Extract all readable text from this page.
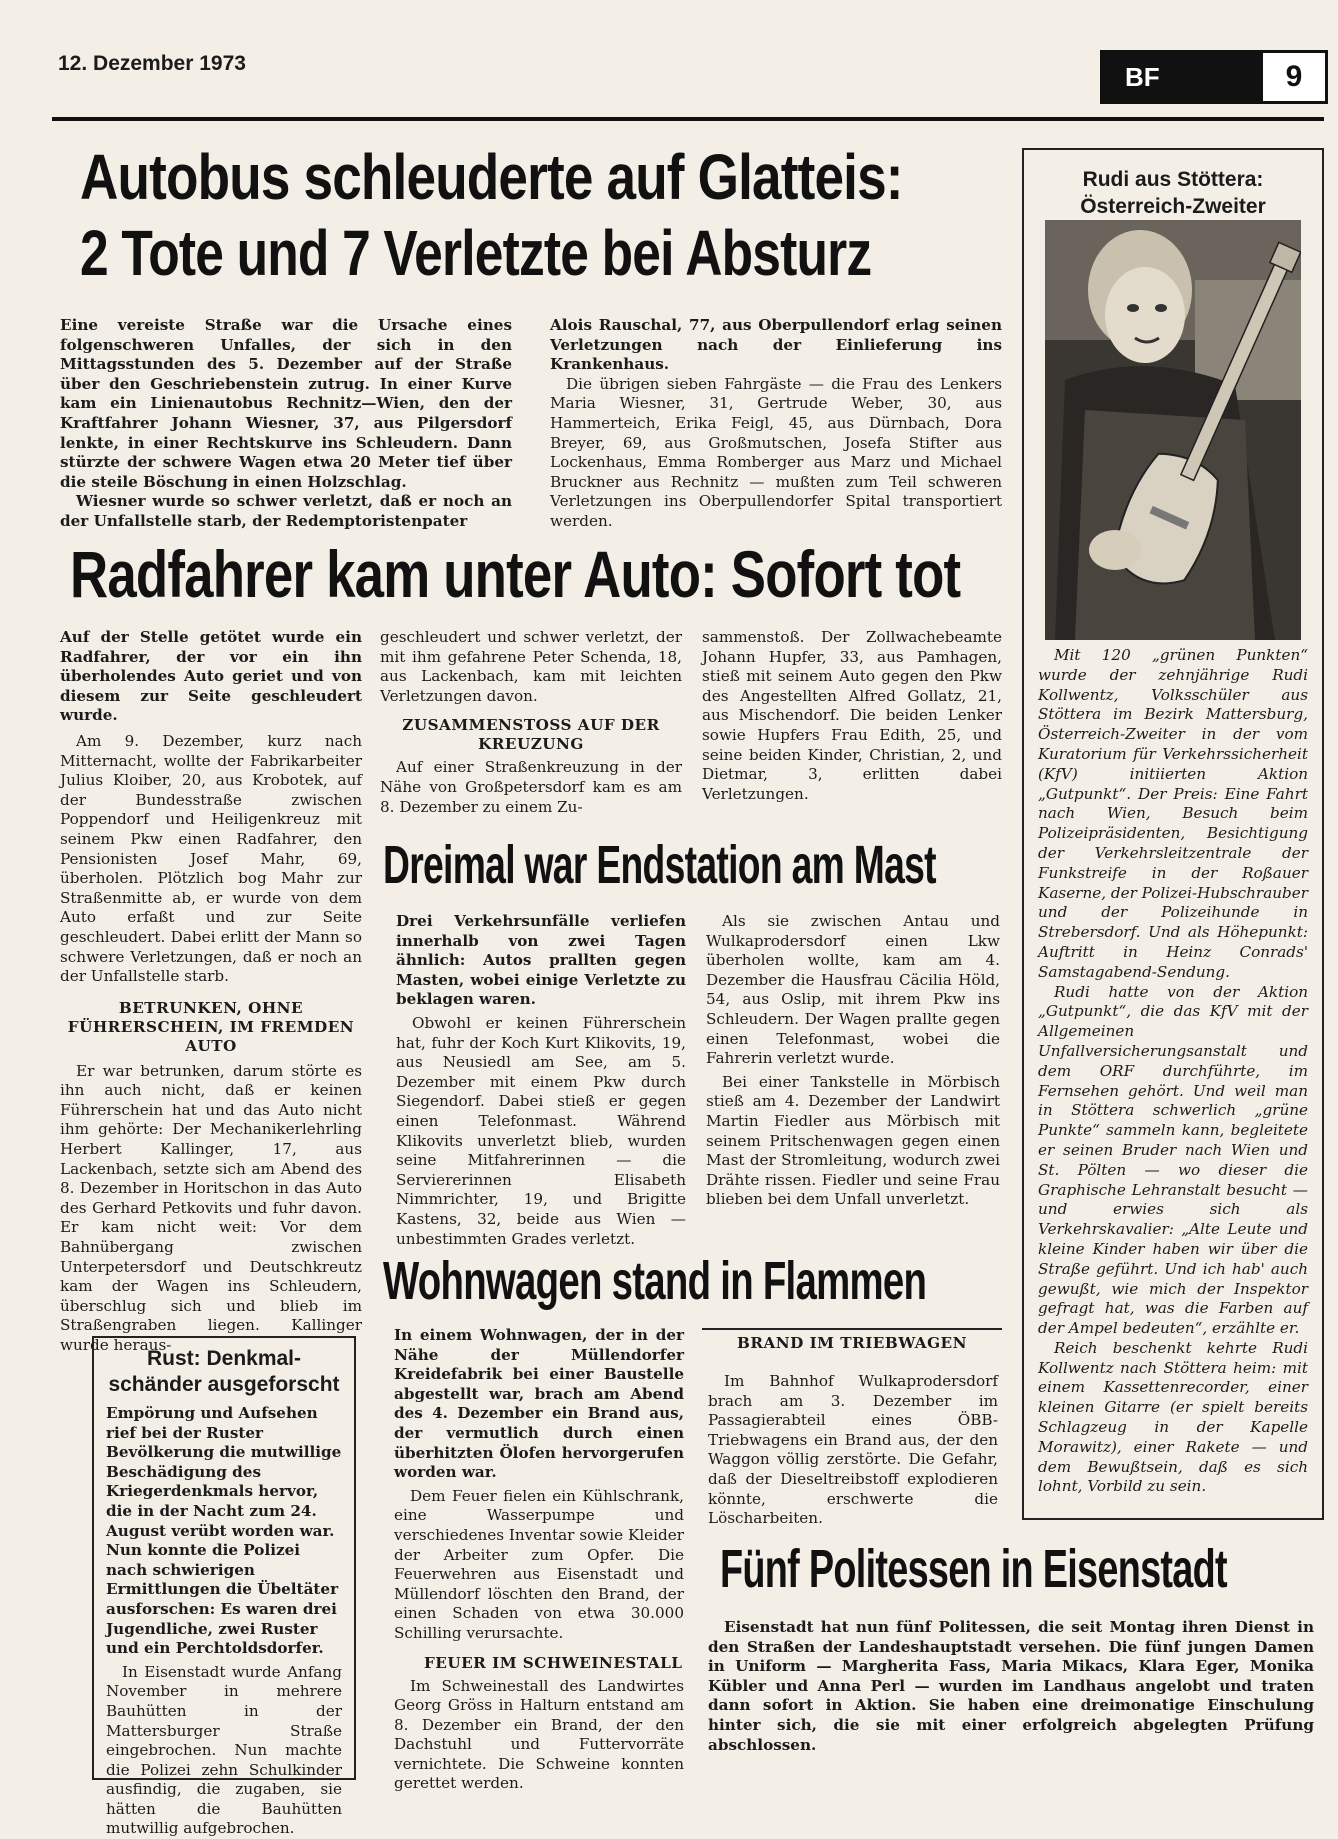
12. Dezember 1973	BF	9
Autobus schleuderte auf Glatteis:
2 Tote und 7 Verletzte bei Absturz
Eine vereiste Straße war die Ursache eines folgenschweren Unfalles, der sich in den Mittagsstunden des 5. Dezember auf der Straße über den Geschriebenstein zutrug. In einer Kurve kam ein Linienautobus Rechnitz—Wien, den der Kraftfahrer Johann Wiesner, 37, aus Pilgersdorf lenkte, in einer Rechtskurve ins Schleudern. Dann stürzte der schwere Wagen etwa 20 Meter tief über die steile Böschung in einen Holzschlag.
Wiesner wurde so schwer verletzt, daß er noch an der Unfallstelle starb, der Redemptoristenpater
Alois Rauschal, 77, aus Oberpullendorf erlag seinen Verletzungen nach der Einlieferung ins Krankenhaus.
Die übrigen sieben Fahrgäste — die Frau des Lenkers Maria Wiesner, 31, Gertrude Weber, 30, aus Hammerteich, Erika Feigl, 45, aus Dürnbach, Dora Breyer, 69, aus Großmutschen, Josefa Stifter aus Lockenhaus, Emma Romberger aus Marz und Michael Bruckner aus Rechnitz — mußten zum Teil schweren Verletzungen ins Oberpullendorfer Spital transportiert werden.
Radfahrer kam unter Auto: Sofort tot
Auf der Stelle getötet wurde ein Radfahrer, der vor ein ihn überholendes Auto geriet und von diesem zur Seite geschleudert wurde.
Am 9. Dezember, kurz nach Mitternacht, wollte der Fabrikarbeiter Julius Kloiber, 20, aus Krobotek, auf der Bundesstraße zwischen Poppendorf und Heiligenkreuz mit seinem Pkw einen Radfahrer, den Pensionisten Josef Mahr, 69, überholen. Plötzlich bog Mahr zur Straßenmitte ab, er wurde von dem Auto erfaßt und zur Seite geschleudert. Dabei erlitt der Mann so schwere Verletzungen, daß er noch an der Unfallstelle starb.
BETRUNKEN, OHNE FÜHRERSCHEIN, IM FREMDEN AUTO
Er war betrunken, darum störte es ihn auch nicht, daß er keinen Führerschein hat und das Auto nicht ihm gehörte: Der Mechanikerlehrling Herbert Kallinger, 17, aus Lackenbach, setzte sich am Abend des 8. Dezember in Horitschon in das Auto des Gerhard Petkovits und fuhr davon. Er kam nicht weit: Vor dem Bahnübergang zwischen Unterpetersdorf und Deutschkreutz kam der Wagen ins Schleudern, überschlug sich und blieb im Straßengraben liegen. Kallinger wurde heraus-
geschleudert und schwer verletzt, der mit ihm gefahrene Peter Schenda, 18, aus Lackenbach, kam mit leichten Verletzungen davon.
ZUSAMMENSTOSS AUF DER KREUZUNG
Auf einer Straßenkreuzung in der Nähe von Großpetersdorf kam es am 8. Dezember zu einem Zu-
sammenstoß. Der Zollwachebeamte Johann Hupfer, 33, aus Pamhagen, stieß mit seinem Auto gegen den Pkw des Angestellten Alfred Gollatz, 21, aus Mischendorf. Die beiden Lenker sowie Hupfers Frau Edith, 25, und seine beiden Kinder, Christian, 2, und Dietmar, 3, erlitten dabei Verletzungen.
Dreimal war Endstation am Mast
Drei Verkehrsunfälle verliefen innerhalb von zwei Tagen ähnlich: Autos prallten gegen Masten, wobei einige Verletzte zu beklagen waren.
Obwohl er keinen Führerschein hat, fuhr der Koch Kurt Klikovits, 19, aus Neusiedl am See, am 5. Dezember mit einem Pkw durch Siegendorf. Dabei stieß er gegen einen Telefonmast. Während Klikovits unverletzt blieb, wurden seine Mitfahrerinnen — die Serviererinnen Elisabeth Nimmrichter, 19, und Brigitte Kastens, 32, beide aus Wien — unbestimmten Grades verletzt.
Als sie zwischen Antau und Wulkaprodersdorf einen Lkw überholen wollte, kam am 4. Dezember die Hausfrau Cäcilia Höld, 54, aus Oslip, mit ihrem Pkw ins Schleudern. Der Wagen prallte gegen einen Telefonmast, wobei die Fahrerin verletzt wurde.
Bei einer Tankstelle in Mörbisch stieß am 4. Dezember der Landwirt Martin Fiedler aus Mörbisch mit seinem Pritschenwagen gegen einen Mast der Stromleitung, wodurch zwei Drähte rissen. Fiedler und seine Frau blieben bei dem Unfall unverletzt.
Wohnwagen stand in Flammen
In einem Wohnwagen, der in der Nähe der Müllendorfer Kreidefabrik bei einer Baustelle abgestellt war, brach am Abend des 4. Dezember ein Brand aus, der vermutlich durch einen überhitzten Ölofen hervorgerufen worden war.
Dem Feuer fielen ein Kühlschrank, eine Wasserpumpe und verschiedenes Inventar sowie Kleider der Arbeiter zum Opfer. Die Feuerwehren aus Eisenstadt und Müllendorf löschten den Brand, der einen Schaden von etwa 30.000 Schilling verursachte.
FEUER IM SCHWEINESTALL
Im Schweinestall des Landwirtes Georg Gröss in Halturn entstand am 8. Dezember ein Brand, der den Dachstuhl und Futtervorräte vernichtete. Die Schweine konnten gerettet werden.
BRAND IM TRIEBWAGEN
Im Bahnhof Wulkaprodersdorf brach am 3. Dezember im Passagierabteil eines ÖBB-Triebwagens ein Brand aus, der den Waggon völlig zerstörte. Die Gefahr, daß der Dieseltreibstoff explodieren könnte, erschwerte die Löscharbeiten.
Rudi aus Stöttera:
Österreich-Zweiter
Mit 120 „grünen Punkten“ wurde der zehnjährige Rudi Kollwentz, Volksschüler aus Stöttera im Bezirk Mattersburg, Österreich-Zweiter in der vom Kuratorium für Verkehrssicherheit (KfV) initiierten Aktion „Gutpunkt“. Der Preis: Eine Fahrt nach Wien, Besuch beim Polizeipräsidenten, Besichtigung der Verkehrsleitzentrale der Funkstreife in der Roßauer Kaserne, der Polizei-Hubschrauber und der Polizeihunde in Strebersdorf. Und als Höhepunkt: Auftritt in Heinz Conrads' Samstagabend-Sendung.
Rudi hatte von der Aktion „Gutpunkt“, die das KfV mit der Allgemeinen Unfallversicherungsanstalt und dem ORF durchführte, im Fernsehen gehört. Und weil man in Stöttera schwerlich „grüne Punkte“ sammeln kann, begleitete er seinen Bruder nach Wien und St. Pölten — wo dieser die Graphische Lehranstalt besucht — und erwies sich als Verkehrskavalier: „Alte Leute und kleine Kinder haben wir über die Straße geführt. Und ich hab' auch gewußt, wie mich der Inspektor gefragt hat, was die Farben auf der Ampel bedeuten“, erzählte er.
Reich beschenkt kehrte Rudi Kollwentz nach Stöttera heim: mit einem Kassettenrecorder, einer kleinen Gitarre (er spielt bereits Schlagzeug in der Kapelle Morawitz), einer Rakete — und dem Bewußtsein, daß es sich lohnt, Vorbild zu sein.
Rust: Denkmal-
schänder ausgeforscht
Empörung und Aufsehen rief bei der Ruster Bevölkerung die mutwillige Beschädigung des Kriegerdenkmals hervor, die in der Nacht zum 24. August verübt worden war. Nun konnte die Polizei nach schwierigen Ermittlungen die Übeltäter ausforschen: Es waren drei Jugendliche, zwei Ruster und ein Perchtoldsdorfer.
In Eisenstadt wurde Anfang November in mehrere Bauhütten in der Mattersburger Straße eingebrochen. Nun machte die Polizei zehn Schulkinder ausfindig, die zugaben, sie hätten die Bauhütten mutwillig aufgebrochen.
Fünf Politessen in Eisenstadt
Eisenstadt hat nun fünf Politessen, die seit Montag ihren Dienst in den Straßen der Landeshauptstadt versehen. Die fünf jungen Damen in Uniform — Margherita Fass, Maria Mikacs, Klara Eger, Monika Kübler und Anna Perl — wurden im Landhaus angelobt und traten dann sofort in Aktion. Sie haben eine dreimonatige Einschulung hinter sich, die sie mit einer erfolgreich abgelegten Prüfung abschlossen.
